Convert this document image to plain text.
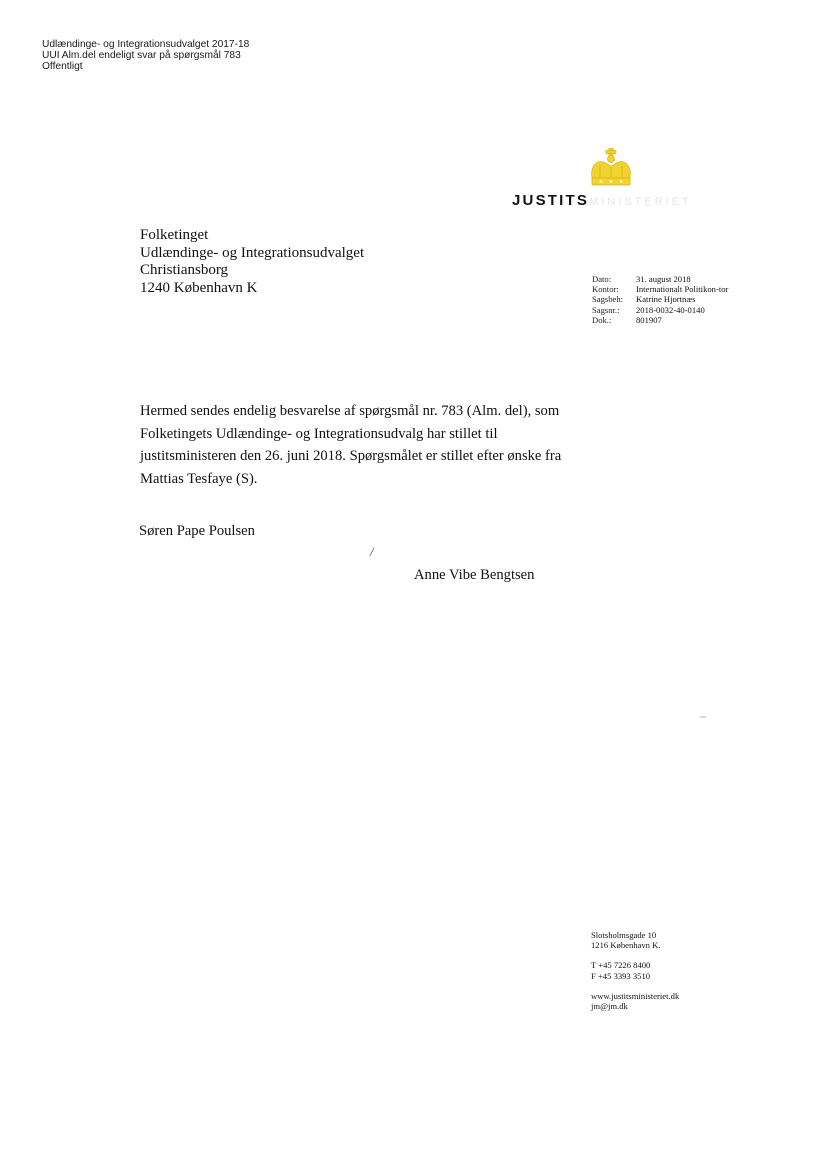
Udlændinge- og Integrationsudvalget 2017-18
UUI Alm.del endeligt svar på spørgsmål 783
Offentligt
JUSTITSMINISTERIET
Folketinget
Udlændinge- og Integrationsudvalget
Christiansborg
1240 København K
Dato:	31. august 2018
Kontor:	Internationalt Politikon-tor
Sagsbeh:	Katrine Hjortnæs
Sagsnr.:	2018-0032-40-0140
Dok.:	801907
Hermed sendes endelig besvarelse af spørgsmål nr. 783 (Alm. del), som Folketingets Udlændinge- og Integrationsudvalg har stillet til justitsministeren den 26. juni 2018. Spørgsmålet er stillet efter ønske fra Mattias Tesfaye (S).
Søren Pape Poulsen
/
Anne Vibe Bengtsen
Slotsholmsgade 10
1216 København K.
T +45 7226 8400
F +45 3393 3510
www.justitsministeriet.dk
jm@jm.dk
